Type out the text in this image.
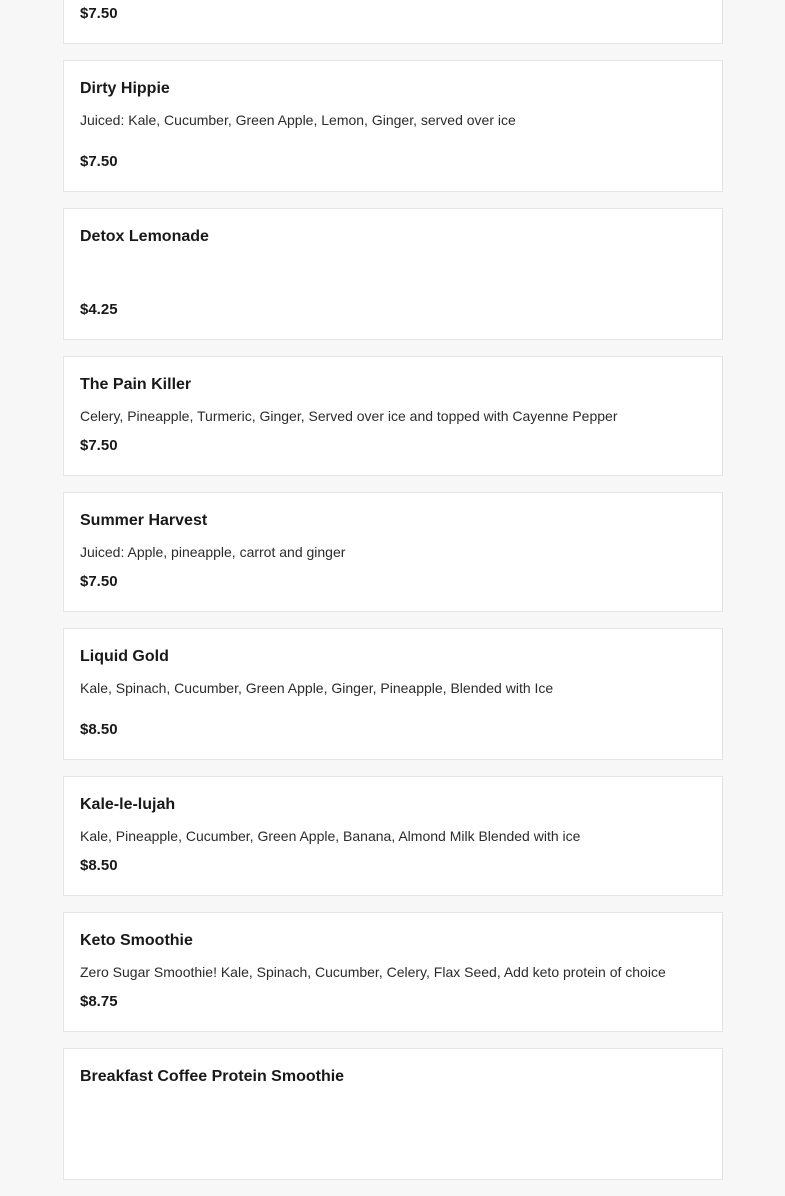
$7.50
Dirty Hippie
Juiced: Kale, Cucumber, Green Apple, Lemon, Ginger, served over ice
$7.50
Detox Lemonade
$4.25
The Pain Killer
Celery, Pineapple, Turmeric, Ginger, Served over ice and topped with Cayenne Pepper
$7.50
Summer Harvest
Juiced: Apple, pineapple, carrot and ginger
$7.50
Liquid Gold
Kale, Spinach, Cucumber, Green Apple, Ginger, Pineapple, Blended with Ice
$8.50
Kale-le-lujah
Kale, Pineapple, Cucumber, Green Apple, Banana, Almond Milk Blended with ice
$8.50
Keto Smoothie
Zero Sugar Smoothie! Kale, Spinach, Cucumber, Celery, Flax Seed, Add keto protein of choice
$8.75
Breakfast Coffee Protein Smoothie
